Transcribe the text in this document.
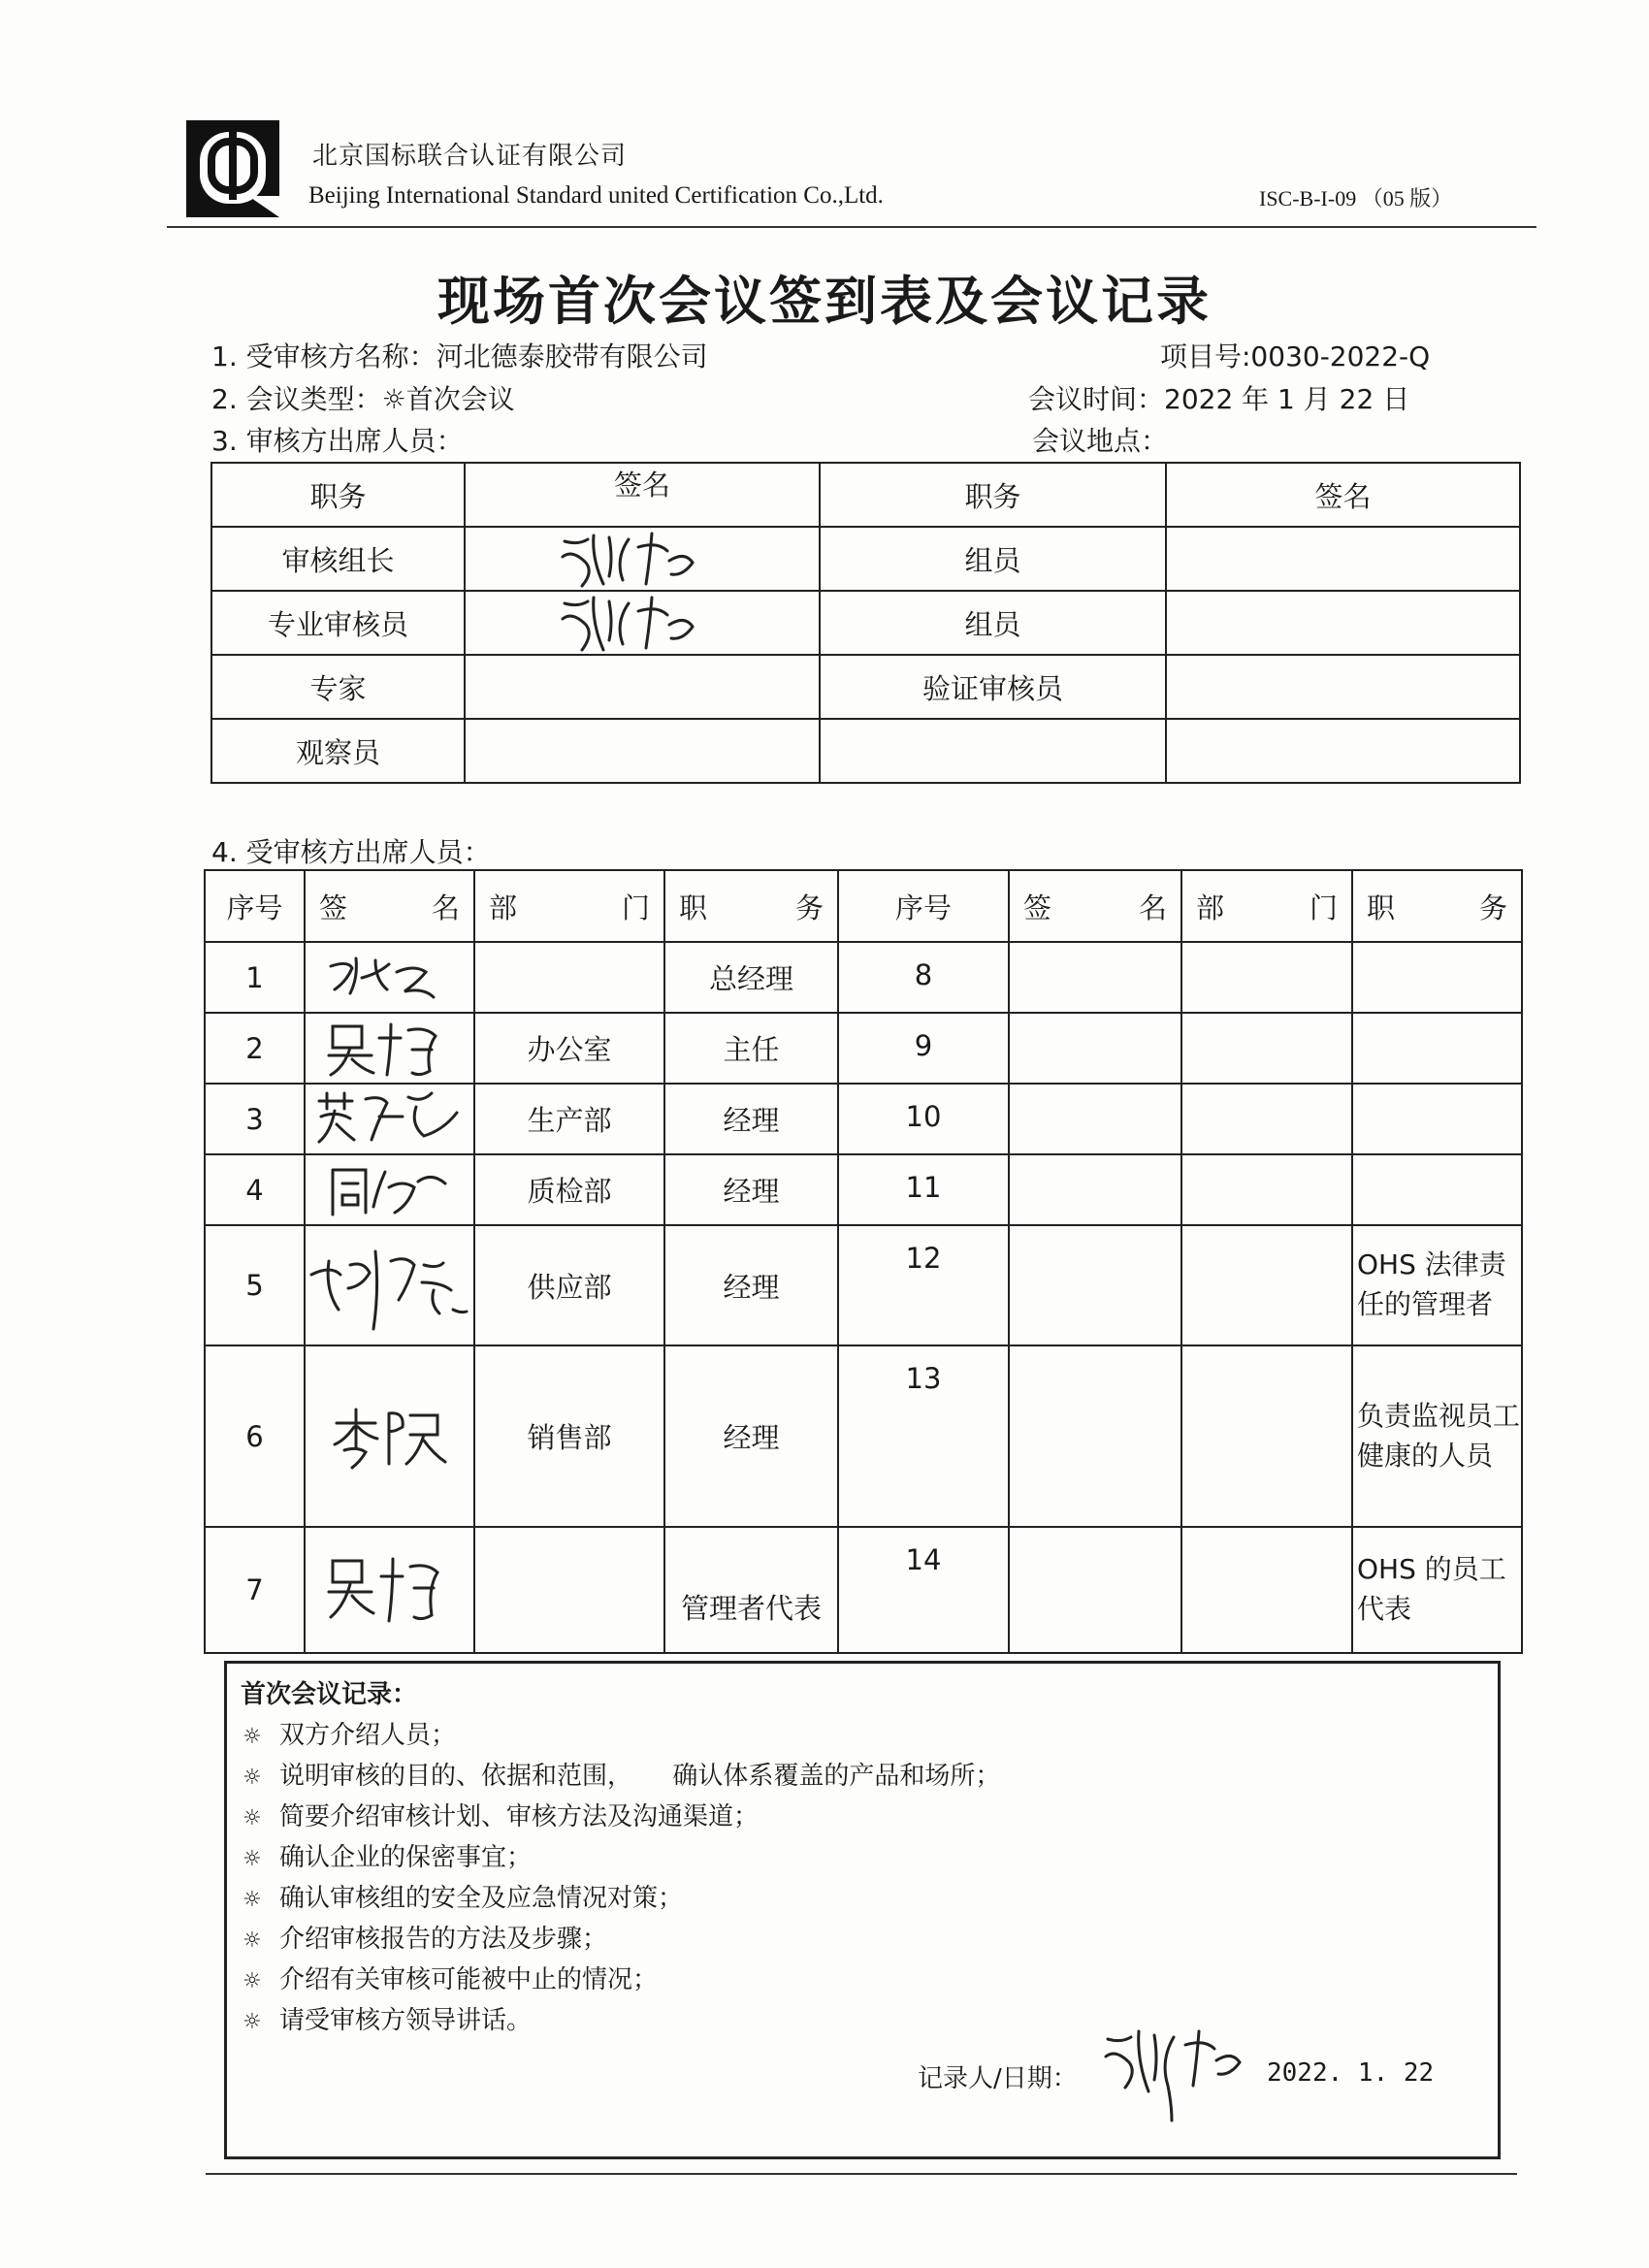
北京国标联合认证有限公司
Beijing International Standard united Certification Co.,Ltd.	ISC-B-I-09 （05 版）
现场首次会议签到表及会议记录
1. 受审核方名称：河北德泰胶带有限公司	项目号:0030-2022-Q
2. 会议类型：☼首次会议	会议时间：2022 年 1 月 22 日
3. 审核方出席人员：	会议地点：
职务	签名	职务	签名
审核组长		组员	
专业审核员		组员	
专家		验证审核员	
观察员			
4. 受审核方出席人员：
序号	签名	部门	职务	序号	签名	部门	职务

1			总经理	8			
2		办公室	主任	9			
3		生产部	经理	10			
4		质检部	经理	11			
5		供应部	经理	12			OHS 法律责任的管理者
6		销售部	经理	13			负责监视员工健康的人员
7			管理者代表	14			OHS 的员工代表
首次会议记录：
☼ 双方介绍人员；
☼ 说明审核的目的、依据和范围，     确认体系覆盖的产品和场所；
☼ 简要介绍审核计划、审核方法及沟通渠道；
☼ 确认企业的保密事宜；
☼ 确认审核组的安全及应急情况对策；
☼ 介绍审核报告的方法及步骤；
☼ 介绍有关审核可能被中止的情况；
☼ 请受审核方领导讲话。
记录人/日期：	2022. 1. 22
